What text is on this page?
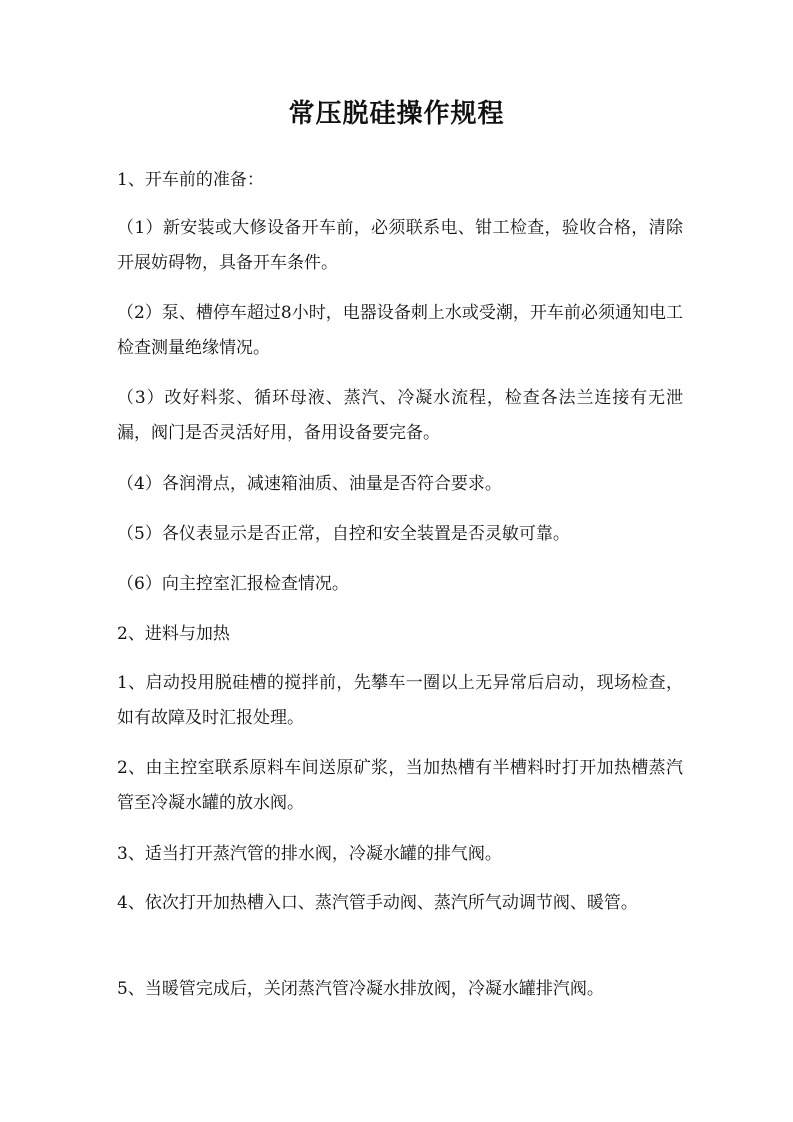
常压脱硅操作规程

1、开车前的准备：

（1）新安装或大修设备开车前，必须联系电、钳工检查，验收合格，清除开展妨碍物，具备开车条件。

（2）泵、槽停车超过8小时，电器设备刺上水或受潮，开车前必须通知电工检查测量绝缘情况。

（3）改好料浆、循环母液、蒸汽、冷凝水流程，检查各法兰连接有无泄漏，阀门是否灵活好用，备用设备要完备。

（4）各润滑点，减速箱油质、油量是否符合要求。

（5）各仪表显示是否正常，自控和安全装置是否灵敏可靠。

（6）向主控室汇报检查情况。

2、进料与加热

1、启动投用脱硅槽的搅拌前，先攀车一圈以上无异常后启动，现场检查，如有故障及时汇报处理。

2、由主控室联系原料车间送原矿浆，当加热槽有半槽料时打开加热槽蒸汽管至冷凝水罐的放水阀。

3、适当打开蒸汽管的排水阀，冷凝水罐的排气阀。

4、依次打开加热槽入口、蒸汽管手动阀、蒸汽所气动调节阀、暖管。

5、当暖管完成后，关闭蒸汽管冷凝水排放阀，冷凝水罐排汽阀。
